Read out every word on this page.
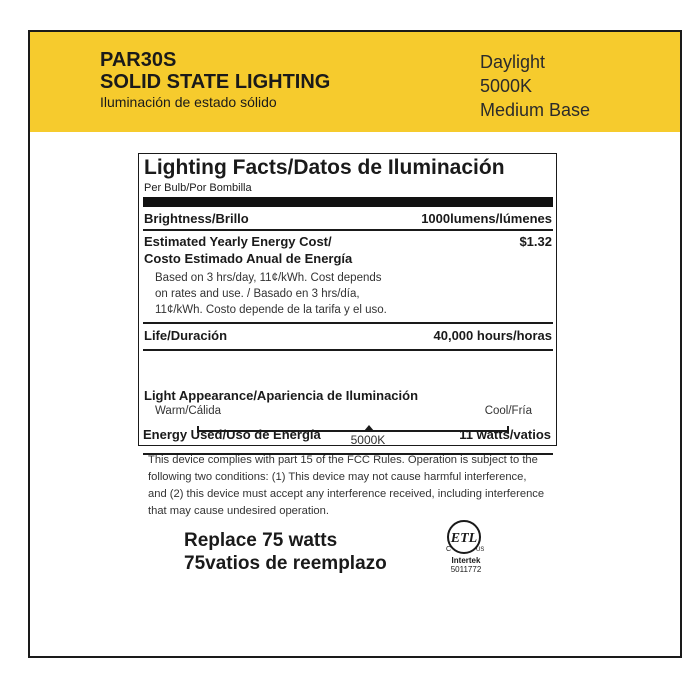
PAR30S
SOLID STATE LIGHTING
Iluminación de estado sólido
Daylight
5000K
Medium Base
Lighting Facts/Datos de Iluminación
Per Bulb/Por Bombilla
Brightness/Brillo	1000lumens/lúmenes
Estimated Yearly Energy Cost/
Costo Estimado Anual de Energía
$1.32
Based on 3 hrs/day, 11¢/kWh. Cost depends
on rates and use. / Basado en 3 hrs/día,
11¢/kWh. Costo depende de la tarifa y el uso.
Life/Duración	40,000 hours/horas
Light Appearance/Apariencia de Iluminación
Warm/Cálida	Cool/Fría
5000K
Energy Used/Uso de Energía	11 watts/vatios
This device complies with part 15 of the FCC Rules. Operation is subject to the
following two conditions: (1) This device may not cause harmful interference,
and (2) this device must accept any interference received, including interference
that may cause undesired operation.
Replace 75 watts
75vatios de reemplazo
ETL
C	US
Intertek
5011772
